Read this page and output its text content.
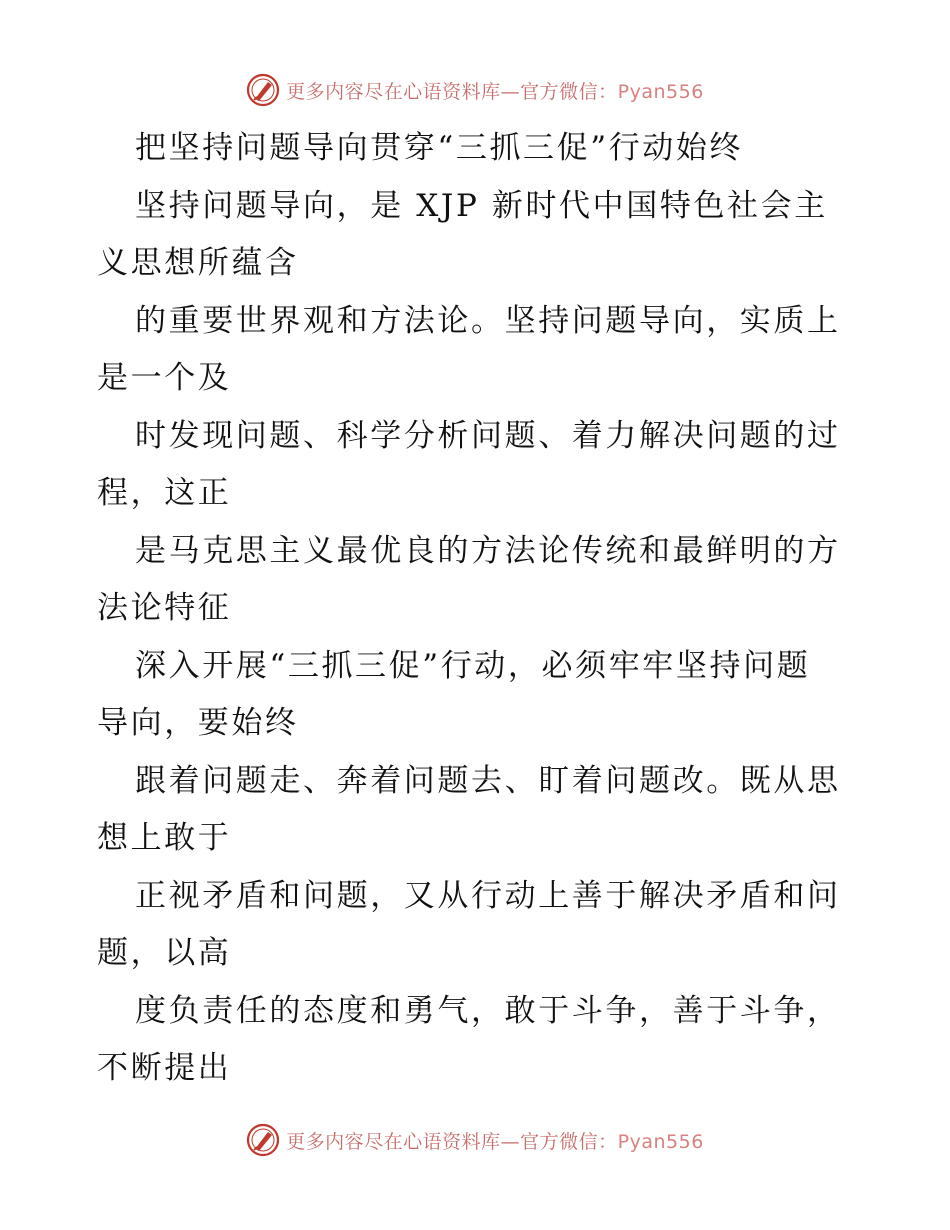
更多内容尽在心语资料库—官方微信：Pyan556
把坚持问题导向贯穿“三抓三促”行动始终
坚持问题导向，是 XJP 新时代中国特色社会主
义思想所蕴含
的重要世界观和方法论。坚持问题导向，实质上
是一个及
时发现问题、科学分析问题、着力解决问题的过
程，这正
是马克思主义最优良的方法论传统和最鲜明的方
法论特征
深入开展“三抓三促”行动，必须牢牢坚持问题
导向，要始终
跟着问题走、奔着问题去、盯着问题改。既从思
想上敢于
正视矛盾和问题，又从行动上善于解决矛盾和问
题，以高
度负责任的态度和勇气，敢于斗争，善于斗争，
不断提出
更多内容尽在心语资料库—官方微信：Pyan556
